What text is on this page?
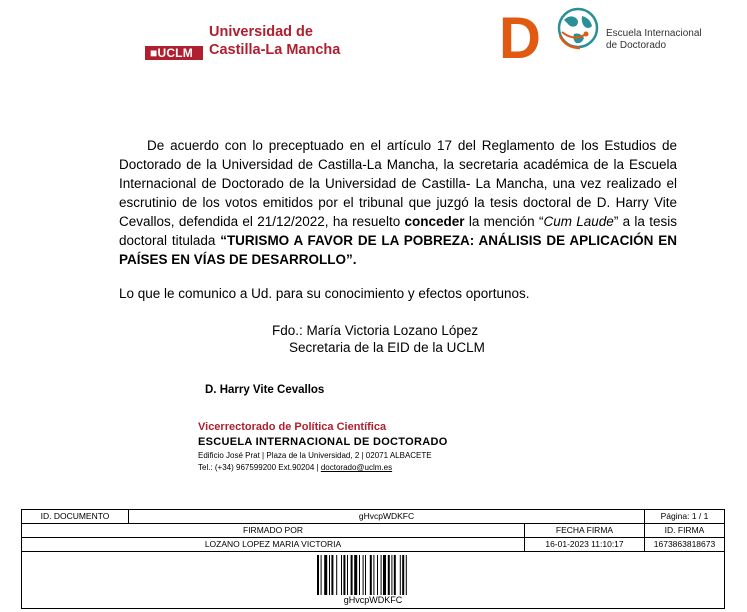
■UCLM
Universidad de
Castilla-La Mancha	D	Escuela Internacional
de Doctorado

De acuerdo con lo preceptuado en el artículo 17 del Reglamento de los Estudios de Doctorado de la Universidad de Castilla-La Mancha, la secretaria académica de la Escuela Internacional de Doctorado de la Universidad de Castilla- La Mancha, una vez realizado el escrutinio de los votos emitidos por el tribunal que juzgó la tesis doctoral de D. Harry Vite Cevallos, defendida el 21/12/2022, ha resuelto conceder la mención “Cum Laude” a la tesis doctoral titulada “TURISMO A FAVOR DE LA POBREZA: ANÁLISIS DE APLICACIÓN EN PAÍSES EN VÍAS DE DESARROLLO”.

Lo que le comunico a Ud. para su conocimiento y efectos oportunos.
Fdo.: María Victoria Lozano López
Secretaria de la EID de la UCLM
D. Harry Vite Cevallos
Vicerrectorado de Política Científica
ESCUELA INTERNACIONAL DE DOCTORADO
Edificio José Prat | Plaza de la Universidad, 2 | 02071 ALBACETE
Tel.: (+34) 967599200 Ext.90204 | doctorado@uclm.es
ID. DOCUMENTO	gHvcpWDKFC	Página: 1 / 1
FIRMADO POR	FECHA FIRMA	ID. FIRMA
LOZANO LOPEZ MARIA VICTORIA	16-01-2023 11:10:17	1673863818673
gHvcpWDKFC
